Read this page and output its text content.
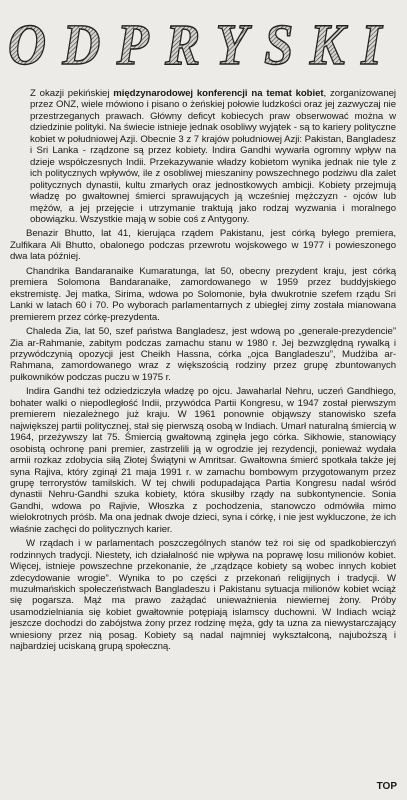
ODPRYSKI

Z okazji pekińskiej międzynarodowej konferencji na temat kobiet, zorganizowanej przez ONZ, wiele mówiono i pisano o żeńskiej połowie ludzkości oraz jej zazwyczaj nie przestrzeganych prawach. Główny deficyt kobiecych praw obserwować można w dziedzinie polityki. Na świecie istnieje jednak osobliwy wyjątek - są to kariery polityczne kobiet w południowej Azji. Obecnie 3 z 7 krajów południowej Azji: Pakistan, Bangladesz i Sri Lanka - rządzone są przez kobiety. Indira Gandhi wywarła ogromny wpływ na dzieje współczesnych Indii. Przekazywanie władzy kobietom wynika jednak nie tyle z ich politycznych wpływów, ile z osobliwej mieszaniny powszechnego podziwu dla zalet politycznych dynastii, kultu zmarłych oraz jednostkowych ambicji. Kobiety przejmują władzę po gwałtownej śmierci sprawujących ją wcześniej mężczyzn - ojców lub mężów, a jej przejęcie i utrzymanie traktują jako rodzaj wyzwania i moralnego obowiązku. Wszystkie mają w sobie coś z Antygony.

Benazir Bhutto, lat 41, kierująca rządem Pakistanu, jest córką byłego premiera, Zulfikara Ali Bhutto, obalonego podczas przewrotu wojskowego w 1977 i powieszonego dwa lata później.

Chandrika Bandaranaike Kumaratunga, lat 50, obecny prezydent kraju, jest córką premiera Solomona Bandaranaike, zamordowanego w 1959 przez buddyjskiego ekstremistę. Jej matka, Sirima, wdowa po Solomonie, była dwukrotnie szefem rządu Sri Lanki w latach 60 i 70. Po wyborach parlamentarnych z ubiegłej zimy została mianowana premierem przez córkę-prezydenta.

Chaleda Zia, lat 50, szef państwa Bangladesz, jest wdową po „generale-prezydencie” Zia ar-Rahmanie, zabitym podczas zamachu stanu w 1980 r. Jej bezwzględną rywalką i przywódczynią opozycji jest Cheikh Hassna, córka „ojca Bangladeszu”, Mudżiba ar-Rahmana, zamordowanego wraz z większością rodziny przez grupę zbuntowanych pułkowników podczas puczu w 1975 r.

Indira Gandhi też odziedziczyła władzę po ojcu. Jawaharlal Nehru, uczeń Gandhiego, bohater walki o niepodległość Indii, przywódca Partii Kongresu, w 1947 został pierwszym premierem niezależnego już kraju. W 1961 ponownie objąwszy stanowisko szefa największej partii politycznej, stał się pierwszą osobą w Indiach. Umarł naturalną śmiercią w 1964, przeżywszy lat 75. Śmiercią gwałtowną zginęła jego córka. Sikhowie, stanowiący osobistą ochronę pani premier, zastrzelili ją w ogrodzie jej rezydencji, ponieważ wydała armii rozkaz zdobycia siłą Złotej Świątyni w Amritsar. Gwałtowna śmierć spotkała także jej syna Rajiva, który zginął 21 maja 1991 r. w zamachu bombowym przygotowanym przez grupę terrorystów tamilskich. W tej chwili podupadająca Partia Kongresu nadal wśród dynastii Nehru-Gandhi szuka kobiety, która skusiłby rządy na subkontynencie. Sonia Gandhi, wdowa po Rajivie, Włoszka z pochodzenia, stanowczo odmówiła mimo wielokrotnych próśb. Ma ona jednak dwoje dzieci, syna i córkę, i nie jest wykluczone, że ich właśnie zachęci do politycznych karier.

W rządach i w parlamentach poszczególnych stanów też roi się od spadkobierczyń rodzinnych tradycji. Niestety, ich działalność nie wpływa na poprawę losu milionów kobiet. Więcej, istnieje powszechne przekonanie, że „rządzące kobiety są wobec innych kobiet zdecydowanie wrogie”. Wynika to po części z przekonań religijnych i tradycji. W muzułmańskich społeczeństwach Bangladeszu i Pakistanu sytuacja milionów kobiet wciąż się pogarsza. Mąż ma prawo zażądać unieważnienia niewiernej żony. Próby usamodzielniania się kobiet gwałtownie potępiają islamscy duchowni. W Indiach wciąż jeszcze dochodzi do zabójstwa żony przez rodzinę męża, gdy ta uzna za niewystarczający wniesiony przez nią posag. Kobiety są nadal najmniej wykształconą, najuboższą i najbardziej uciskaną grupą społeczną.

TOP
